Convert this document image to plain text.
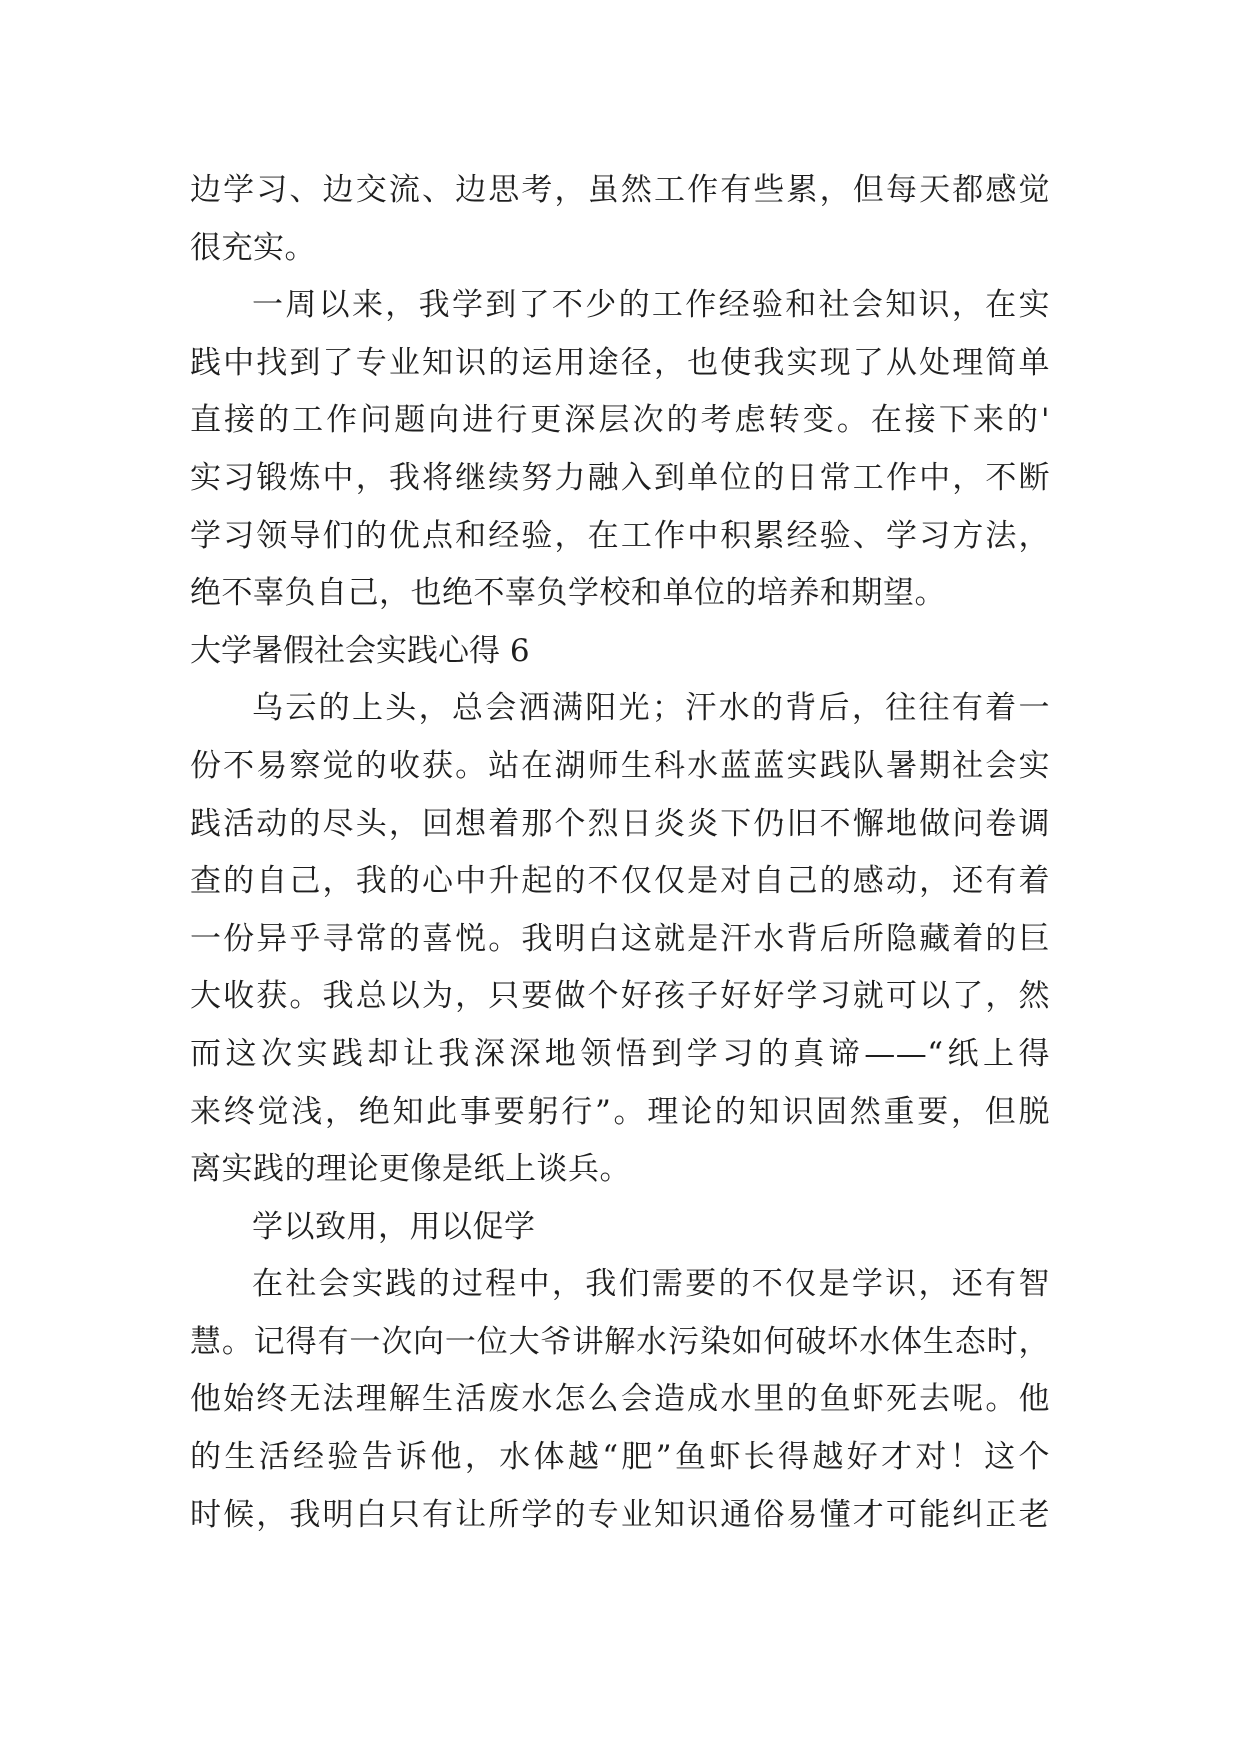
边学习、边交流、边思考，虽然工作有些累，但每天都感觉
很充实。
一周以来，我学到了不少的工作经验和社会知识，在实
践中找到了专业知识的运用途径，也使我实现了从处理简单
直接的工作问题向进行更深层次的考虑转变。在接下来的'
实习锻炼中，我将继续努力融入到单位的日常工作中，不断
学习领导们的优点和经验，在工作中积累经验、学习方法，
绝不辜负自己，也绝不辜负学校和单位的培养和期望。
大学暑假社会实践心得 6
乌云的上头，总会洒满阳光；汗水的背后，往往有着一
份不易察觉的收获。站在湖师生科水蓝蓝实践队暑期社会实
践活动的尽头，回想着那个烈日炎炎下仍旧不懈地做问卷调
查的自己，我的心中升起的不仅仅是对自己的感动，还有着
一份异乎寻常的喜悦。我明白这就是汗水背后所隐藏着的巨
大收获。我总以为，只要做个好孩子好好学习就可以了，然
而这次实践却让我深深地领悟到学习的真谛——“纸上得
来终觉浅，绝知此事要躬行”。理论的知识固然重要，但脱
离实践的理论更像是纸上谈兵。
学以致用，用以促学
在社会实践的过程中，我们需要的不仅是学识，还有智
慧。记得有一次向一位大爷讲解水污染如何破坏水体生态时，
他始终无法理解生活废水怎么会造成水里的鱼虾死去呢。他
的生活经验告诉他，水体越“肥”鱼虾长得越好才对！这个
时候，我明白只有让所学的专业知识通俗易懂才可能纠正老
